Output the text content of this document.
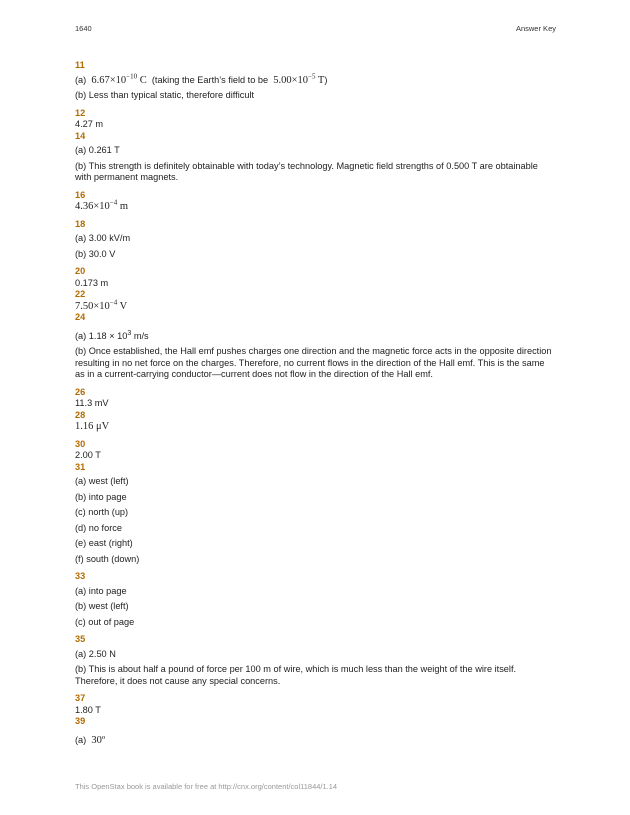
1640	Answer Key
11
(a) $6.67\times 10^{-10}$ C (taking the Earth’s field to be $5.00\times 10^{-5}$ T)
(b) Less than typical static, therefore difficult
12
4.27 m
14
(a) 0.261 T
(b) This strength is definitely obtainable with today’s technology. Magnetic field strengths of 0.500 T are obtainable with permanent magnets.
16
$4.36\times 10^{-4}$ m
18
(a) 3.00 kV/m
(b) 30.0 V
20
0.173 m
22
$7.50\times 10^{-4}$ V
24
(a) $1.18 \times 10^3$ m/s
(b) Once established, the Hall emf pushes charges one direction and the magnetic force acts in the opposite direction resulting in no net force on the charges. Therefore, no current flows in the direction of the Hall emf. This is the same as in a current-carrying conductor—current does not flow in the direction of the Hall emf.
26
11.3 mV
28
1.16 μV
30
2.00 T
31
(a) west (left)
(b) into page
(c) north (up)
(d) no force
(e) east (right)
(f) south (down)
33
(a) into page
(b) west (left)
(c) out of page
35
(a) 2.50 N
(b) This is about half a pound of force per 100 m of wire, which is much less than the weight of the wire itself. Therefore, it does not cause any special concerns.
37
1.80 T
39
(a) 30º
This OpenStax book is available for free at http://cnx.org/content/col11844/1.14
